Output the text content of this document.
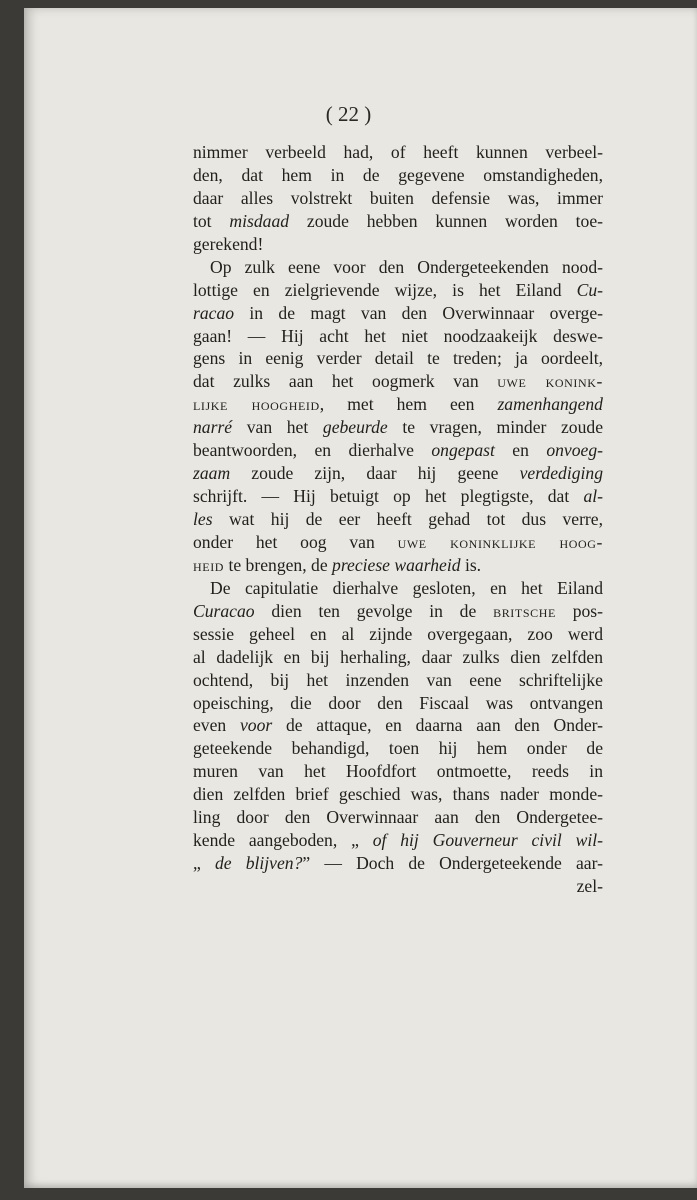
( 22 )
nimmer verbeeld had, of heeft kunnen verbeel-
den, dat hem in de gegevene omstandigheden,
daar alles volstrekt buiten defensie was, immer
tot misdaad zoude hebben kunnen worden toe-
gerekend!
Op zulk eene voor den Ondergeteekenden nood-
lottige en zielgrievende wijze, is het Eiland Cu-
racao in de magt van den Overwinnaar overge-
gaan! — Hij acht het niet noodzaakeijk deswe-
gens in eenig verder detail te treden; ja oordeelt,
dat zulks aan het oogmerk van uwe konink-
lijke hoogheid, met hem een zamenhangend
narré van het gebeurde te vragen, minder zoude
beantwoorden, en dierhalve ongepast en onvoeg-
zaam zoude zijn, daar hij geene verdediging
schrijft. — Hij betuigt op het plegtigste, dat al-
les wat hij de eer heeft gehad tot dus verre,
onder het oog van uwe koninklijke hoog-
heid te brengen, de preciese waarheid is.
De capitulatie dierhalve gesloten, en het Eiland
Curacao dien ten gevolge in de britsche pos-
sessie geheel en al zijnde overgegaan, zoo werd
al dadelijk en bij herhaling, daar zulks dien zelfden
ochtend, bij het inzenden van eene schriftelijke
opeisching, die door den Fiscaal was ontvangen
even voor de attaque, en daarna aan den Onder-
geteekende behandigd, toen hij hem onder de
muren van het Hoofdfort ontmoette, reeds in
dien zelfden brief geschied was, thans nader monde-
ling door den Overwinnaar aan den Ondergetee-
kende aangeboden, „ of hij Gouverneur civil wil-
„ de blijven?” — Doch de Ondergeteekende aar-
zel-
